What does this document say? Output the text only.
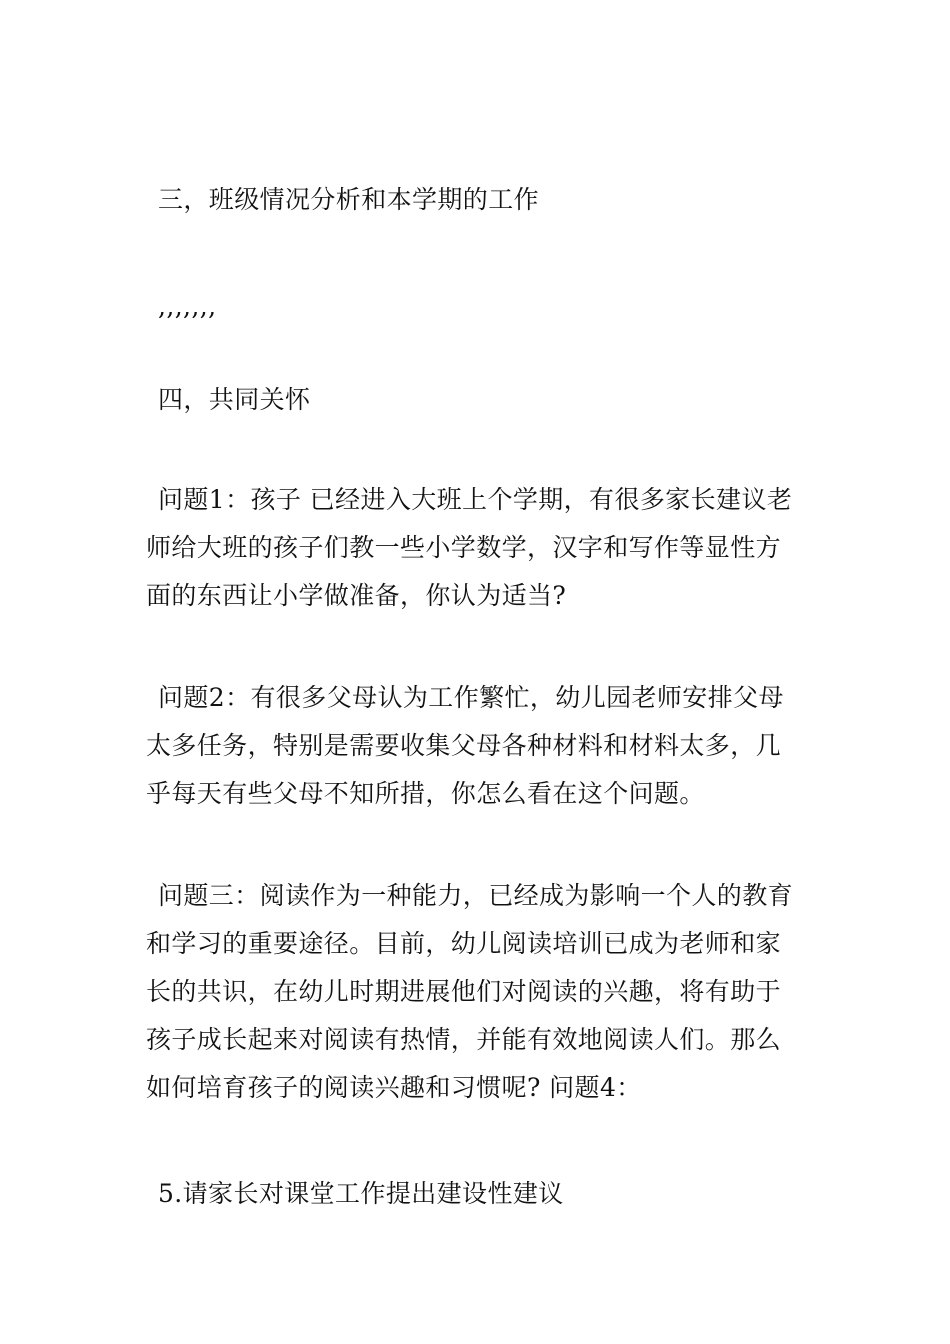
三，班级情况分析和本学期的工作

,,,,,,,

四，共同关怀

问题1：孩子 已经进入大班上个学期，有很多家长建议老
师给大班的孩子们教一些小学数学，汉字和写作等显性方
面的东西让小学做准备，你认为适当?

问题2：有很多父母认为工作繁忙，幼儿园老师安排父母
太多任务，特别是需要收集父母各种材料和材料太多，几
乎每天有些父母不知所措，你怎么看在这个问题。

问题三：阅读作为一种能力，已经成为影响一个人的教育
和学习的重要途径。目前，幼儿阅读培训已成为老师和家
长的共识，在幼儿时期进展他们对阅读的兴趣，将有助于
孩子成长起来对阅读有热情，并能有效地阅读人们。那么
如何培育孩子的阅读兴趣和习惯呢? 问题4：

5.请家长对课堂工作提出建设性建议
